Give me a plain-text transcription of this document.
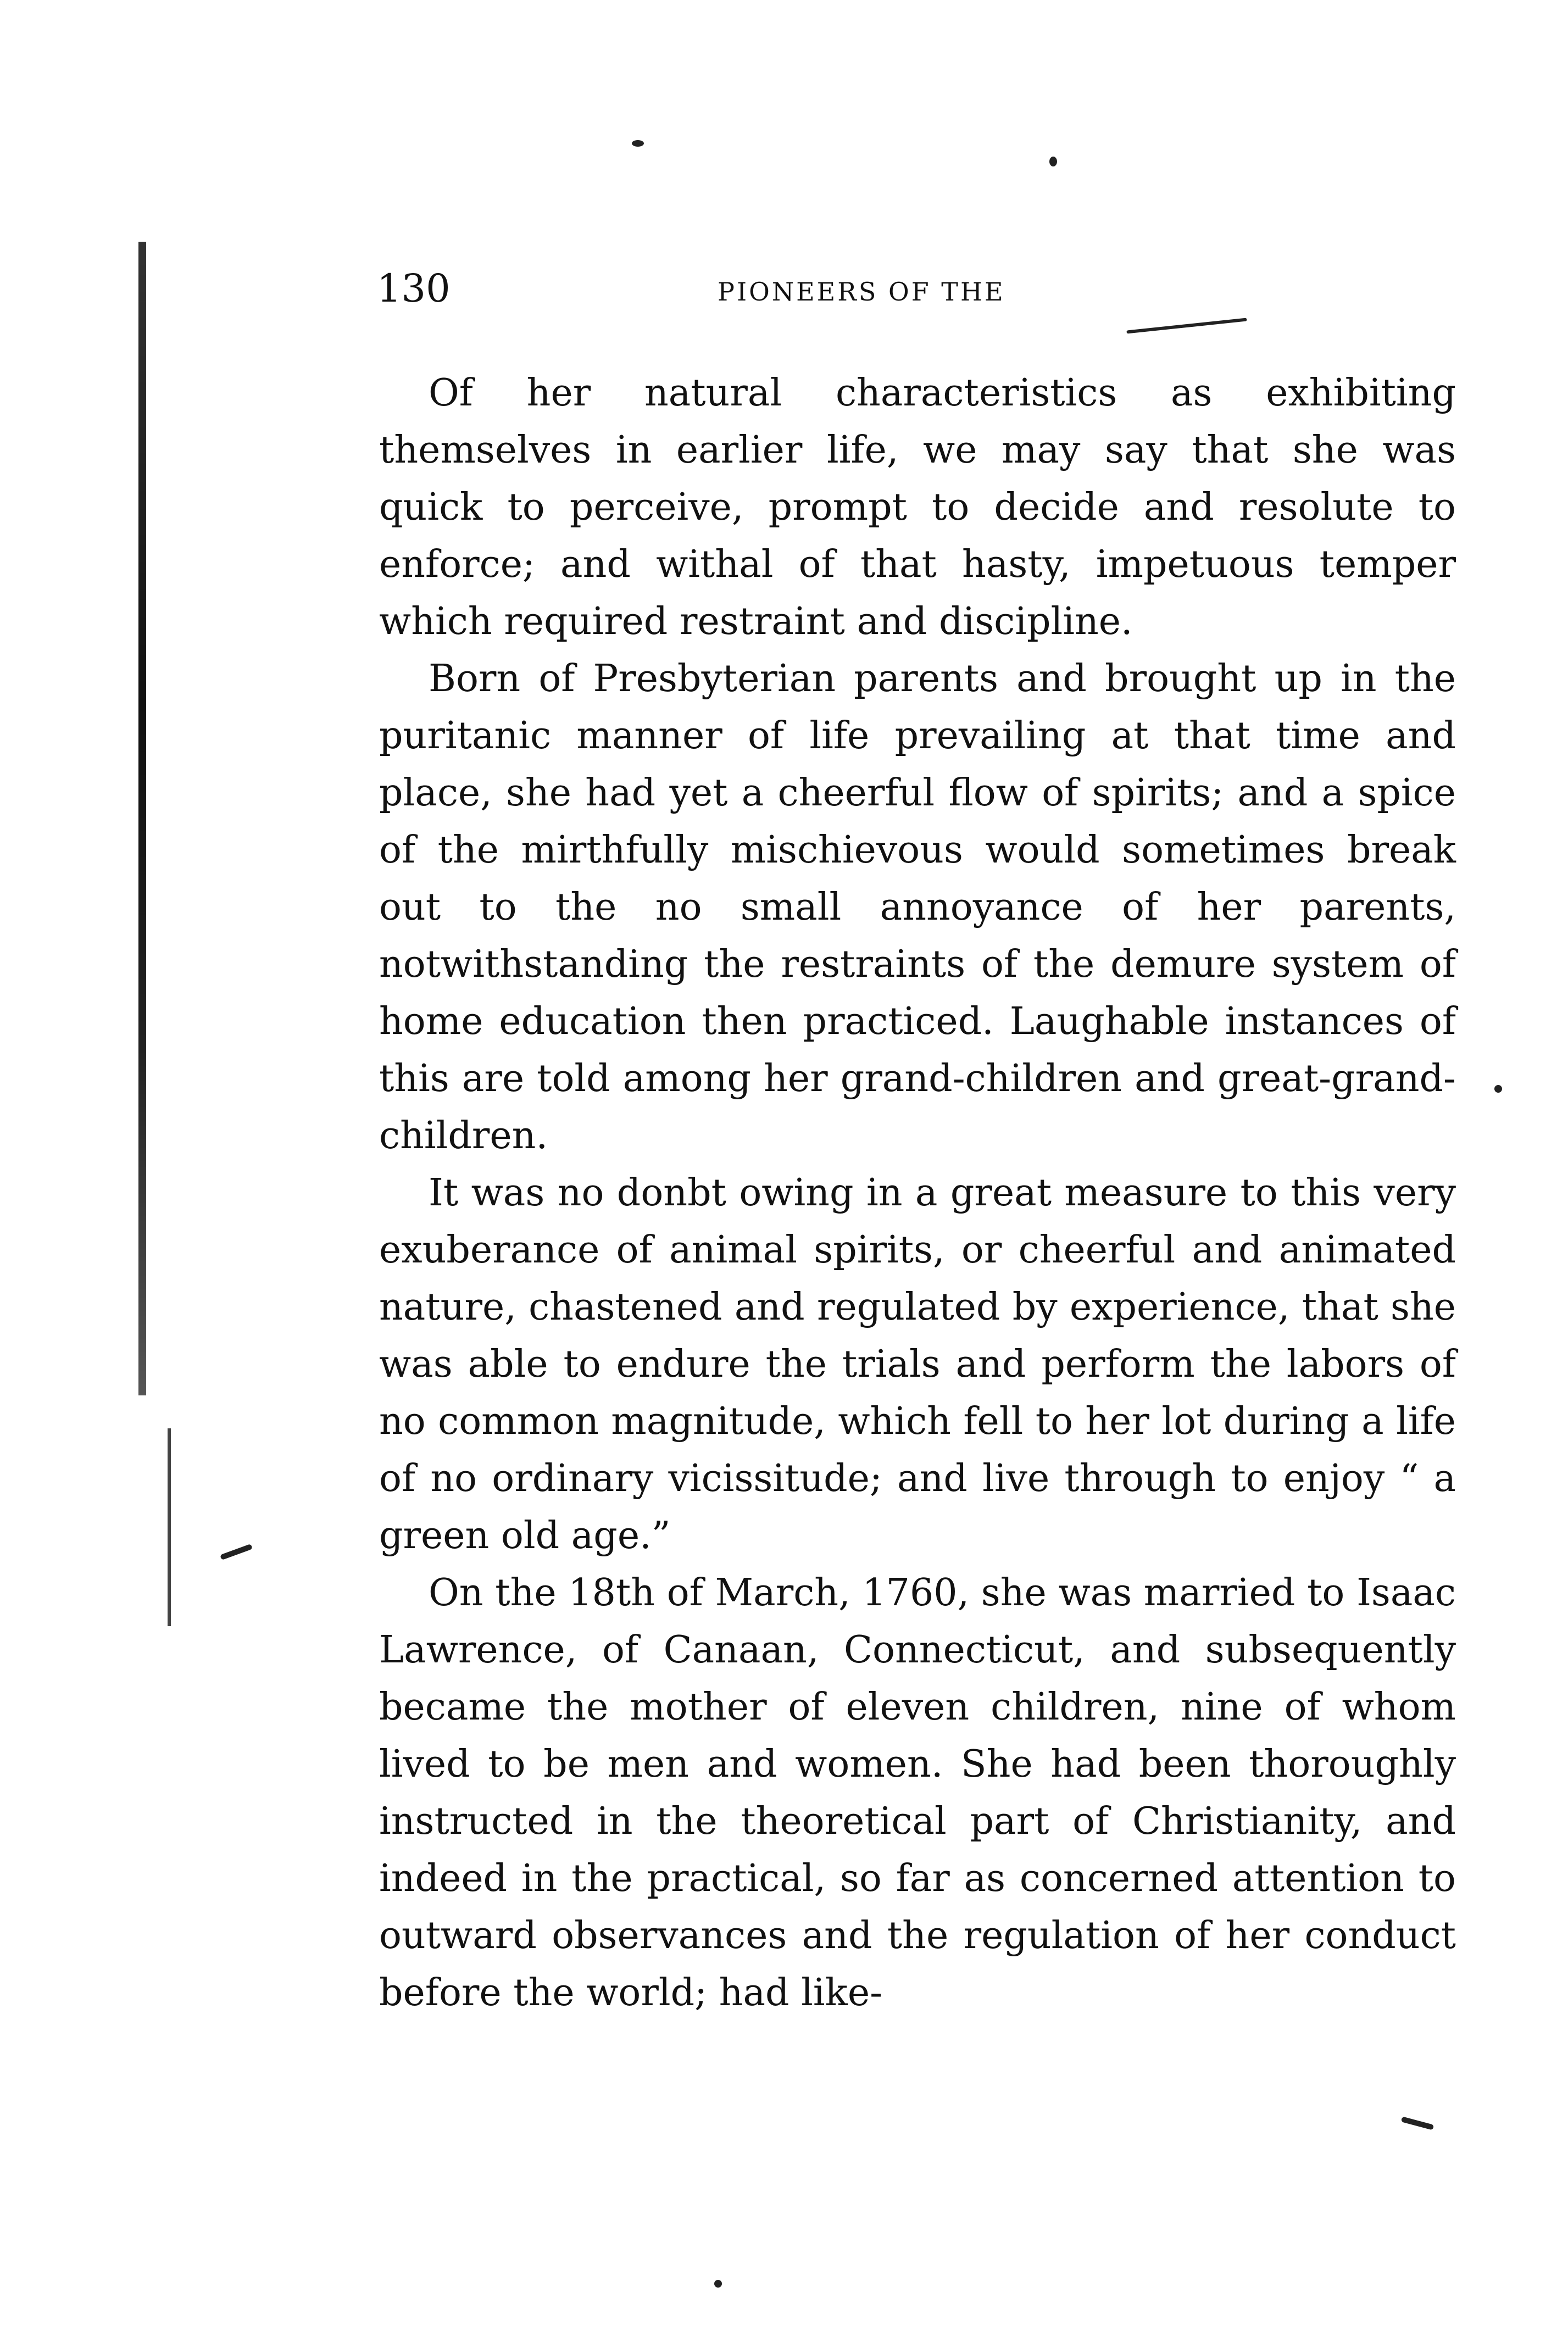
130	PIONEERS OF THE

Of her natural characteristics as exhibiting themselves in earlier life, we may say that she was quick to perceive, prompt to decide and resolute to enforce; and withal of that hasty, impetuous temper which required restraint and discipline.

Born of Presbyterian parents and brought up in the puritanic manner of life prevailing at that time and place, she had yet a cheerful flow of spirits; and a spice of the mirthfully mischievous would sometimes break out to the no small annoyance of her parents, notwithstanding the restraints of the demure system of home education then practiced. Laughable instances of this are told among her grand-children and great-grand-children.

It was no donbt owing in a great measure to this very exuberance of animal spirits, or cheerful and animated nature, chastened and regulated by experience, that she was able to endure the trials and perform the labors of no common magnitude, which fell to her lot during a life of no ordinary vicissitude; and live through to enjoy “ a green old age.”

On the 18th of March, 1760, she was married to Isaac Lawrence, of Canaan, Connecticut, and subsequently became the mother of eleven children, nine of whom lived to be men and women. She had been thoroughly instructed in the theoretical part of Christianity, and indeed in the practical, so far as concerned attention to outward observances and the regulation of her conduct before the world; had like-
